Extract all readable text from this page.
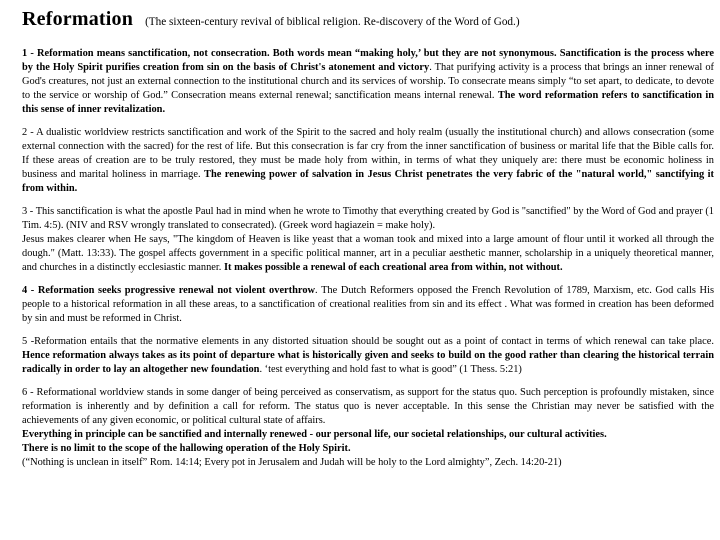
Reformation (The sixteen-century revival of biblical religion. Re-discovery of the Word of God.)

1 - Reformation means sanctification, not consecration. Both words mean “making holy,’ but they are not synonymous. Sanctification is the process where by the Holy Spirit purifies creation from sin on the basis of Christ's atonement and victory. That purifying activity is a process that brings an inner renewal of God's creatures, not just an external connection to the institutional church and its services of worship. To consecrate means simply “to set apart, to dedicate, to devote to the service or worship of God.” Consecration means external renewal; sanctification means internal renewal. The word reformation refers to sanctification in this sense of inner revitalization.

2 - A dualistic worldview restricts sanctification and work of the Spirit to the sacred and holy realm (usually the institutional church) and allows consecration (some external connection with the sacred) for the rest of life. But this consecration is far cry from the inner sanctification of business or marital life that the Bible calls for. If these areas of creation are to be truly restored, they must be made holy from within, in terms of what they uniquely are: there must be economic holiness in business and marital holiness in marriage. The renewing power of salvation in Jesus Christ penetrates the very fabric of the "natural world," sanctifying it from within.

3 - This sanctification is what the apostle Paul had in mind when he wrote to Timothy that everything created by God is "sanctified" by the Word of God and prayer (1 Tim. 4:5). (NIV and RSV wrongly translated to consecrated). (Greek word hagiazein = make holy).
Jesus makes clearer when He says, "The kingdom of Heaven is like yeast that a woman took and mixed into a large amount of flour until it worked all through the dough." (Matt. 13:33). The gospel affects government in a specific political manner, art in a peculiar aesthetic manner, scholarship in a uniquely theoretical manner, and churches in a distinctly ecclesiastic manner. It makes possible a renewal of each creational area from within, not without.

4 - Reformation seeks progressive renewal not violent overthrow. The Dutch Reformers opposed the French Revolution of 1789, Marxism, etc. God calls His people to a historical reformation in all these areas, to a sanctification of creational realities from sin and its effect . What was formed in creation has been deformed by sin and must be reformed in Christ.

5 -Reformation entails that the normative elements in any distorted situation should be sought out as a point of contact in terms of which renewal can take place. Hence reformation always takes as its point of departure what is historically given and seeks to build on the good rather than clearing the historical terrain radically in order to lay an altogether new foundation. ‘test everything and hold fast to what is good” (1 Thess. 5:21)

6 - Reformational worldview stands in some danger of being perceived as conservatism, as support for the status quo. Such perception is profoundly mistaken, since reformation is inherently and by definition a call for reform. The status quo is never acceptable. In this sense the Christian may never be satisfied with the achievements of any given economic, or political cultural state of affairs.
Everything in principle can be sanctified and internally renewed - our personal life, our societal relationships, our cultural activities.
There is no limit to the scope of the hallowing operation of the Holy Spirit.
(“Nothing is unclean in itself” Rom. 14:14; Every pot in Jerusalem and Judah will be holy to the Lord almighty”, Zech. 14:20-21)
